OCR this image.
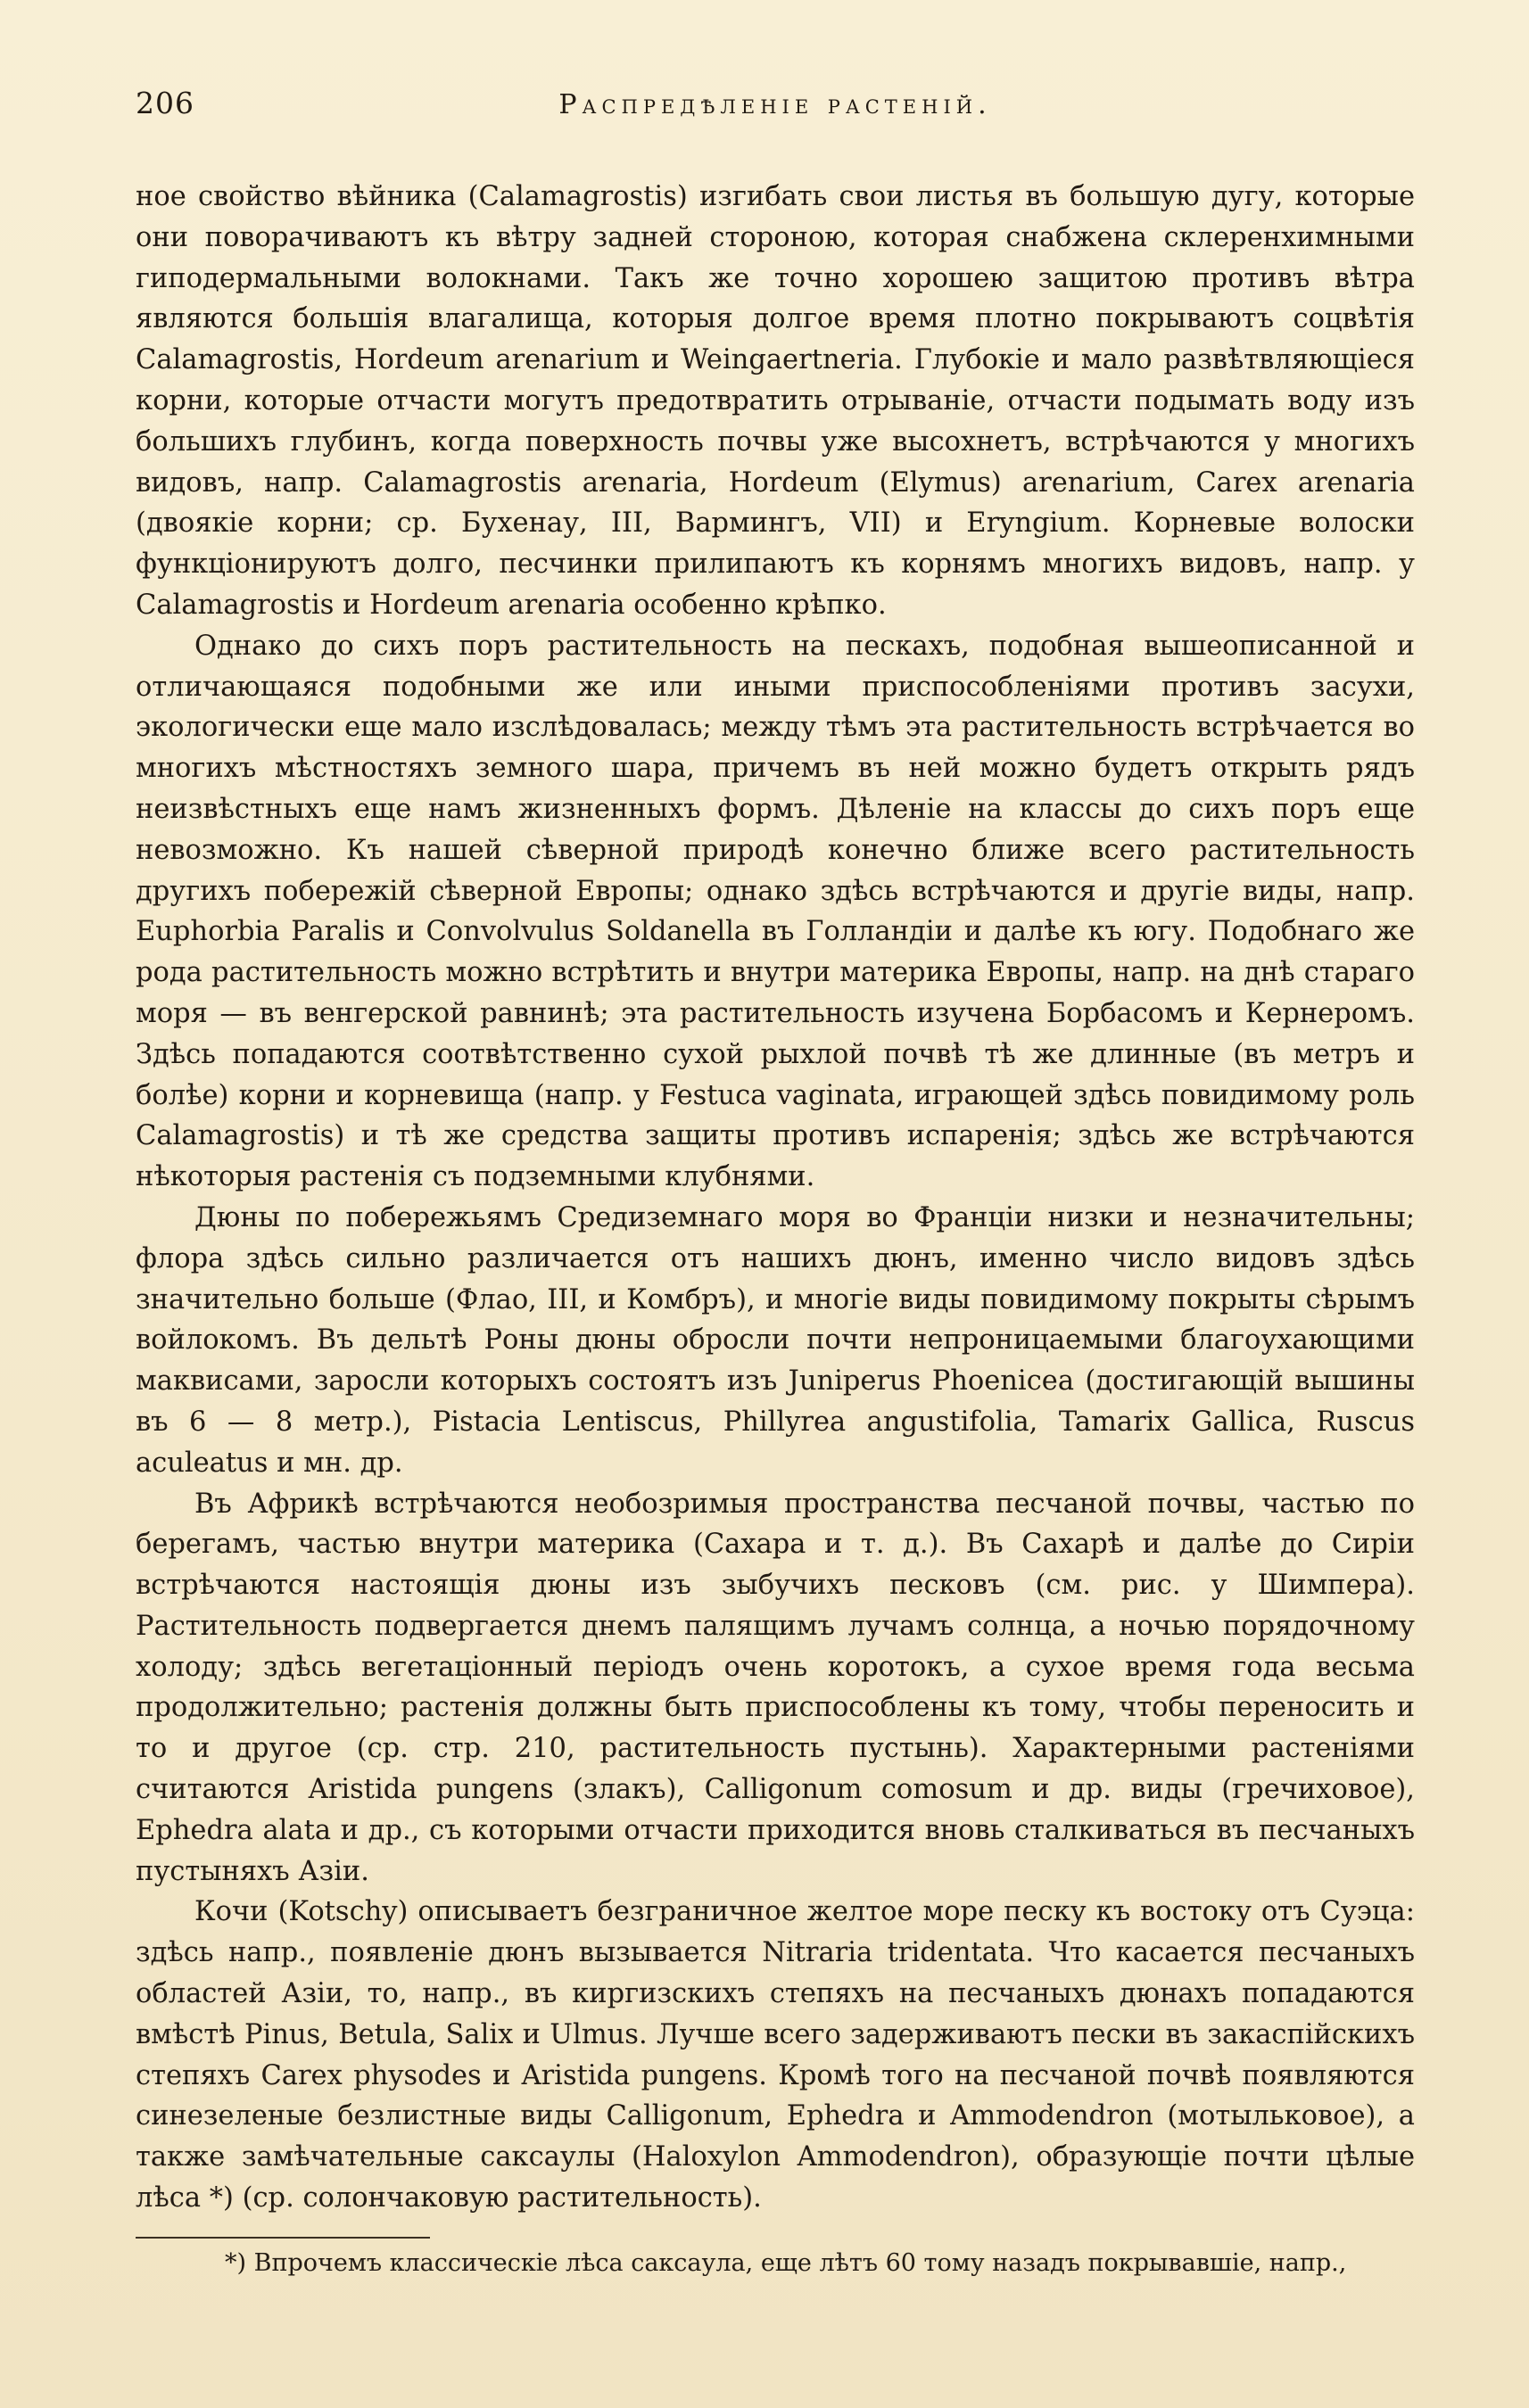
206	Распредѣленіе растеній.

ное свойство вѣйника (Calamagrostis) изгибать свои листья въ большую дугу, которые они поворачиваютъ къ вѣтру задней стороною, которая снабжена склеренхимными гиподермальными волокнами. Такъ же точно хорошею защитою противъ вѣтра являются большія влагалища, которыя долгое время плотно покрываютъ соцвѣтія Calamagrostis, Hordeum arenarium и Weingaertneria. Глубокіе и мало развѣтвляющіеся корни, которые отчасти могутъ предотвратить отрываніе, отчасти подымать воду изъ большихъ глубинъ, когда поверхность почвы уже высохнетъ, встрѣчаются у многихъ видовъ, напр. Calamagrostis arenaria, Hordeum (Elymus) arenarium, Carex arenaria (двоякіе корни; ср. Бухенау, III, Вармингъ, VII) и Eryngium. Корневые волоски функціонируютъ долго, песчинки прилипаютъ къ корнямъ многихъ видовъ, напр. у Calamagrostis и Hordeum arenaria особенно крѣпко.

Однако до сихъ поръ растительность на пескахъ, подобная вышеописанной и отличающаяся подобными же или иными приспособленіями противъ засухи, экологически еще мало изслѣдовалась; между тѣмъ эта растительность встрѣчается во многихъ мѣстностяхъ земного шара, причемъ въ ней можно будетъ открыть рядъ неизвѣстныхъ еще намъ жизненныхъ формъ. Дѣленіе на классы до сихъ поръ еще невозможно. Къ нашей сѣверной природѣ конечно ближе всего растительность другихъ побережій сѣверной Европы; однако здѣсь встрѣчаются и другіе виды, напр. Euphorbia Paralis и Convolvulus Soldanella въ Голландіи и далѣе къ югу. Подобнаго же рода растительность можно встрѣтить и внутри материка Европы, напр. на днѣ стараго моря — въ венгерской равнинѣ; эта растительность изучена Борбасомъ и Кернеромъ. Здѣсь попадаются соотвѣтственно сухой рыхлой почвѣ тѣ же длинные (въ метръ и болѣе) корни и корневища (напр. у Festuca vaginata, играющей здѣсь повидимому роль Calamagrostis) и тѣ же средства защиты противъ испаренія; здѣсь же встрѣчаются нѣкоторыя растенія съ подземными клубнями.

Дюны по побережьямъ Средиземнаго моря во Франціи низки и незначительны; флора здѣсь сильно различается отъ нашихъ дюнъ, именно число видовъ здѣсь значительно больше (Флао, III, и Комбръ), и многіе виды повидимому покрыты сѣрымъ войлокомъ. Въ дельтѣ Роны дюны обросли почти непроницаемыми благоухающими маквисами, заросли которыхъ состоятъ изъ Juniperus Phoenicea (достигающій вышины въ 6 — 8 метр.), Pistacia Lentiscus, Phillyrea angustifolia, Tamarix Gallica, Ruscus aculeatus и мн. др.

Въ Африкѣ встрѣчаются необозримыя пространства песчаной почвы, частью по берегамъ, частью внутри материка (Сахара и т. д.). Въ Сахарѣ и далѣе до Сиріи встрѣчаются настоящія дюны изъ зыбучихъ песковъ (см. рис. у Шимпера). Растительность подвергается днемъ палящимъ лучамъ солнца, а ночью порядочному холоду; здѣсь вегетаціонный періодъ очень коротокъ, а сухое время года весьма продолжительно; растенія должны быть приспособлены къ тому, чтобы переносить и то и другое (ср. стр. 210, растительность пустынь). Характерными растеніями считаются Aristida pungens (злакъ), Calligonum comosum и др. виды (гречиховое), Ephedra alata и др., съ которыми отчасти приходится вновь сталкиваться въ песчаныхъ пустыняхъ Азіи.

Кочи (Kotschy) описываетъ безграничное желтое море песку къ востоку отъ Суэца: здѣсь напр., появленіе дюнъ вызывается Nitraria tridentata. Что касается песчаныхъ областей Азіи, то, напр., въ киргизскихъ степяхъ на песчаныхъ дюнахъ попадаются вмѣстѣ Pinus, Betula, Salix и Ulmus. Лучше всего задерживаютъ пески въ закаспійскихъ степяхъ Carex physodes и Aristida pungens. Кромѣ того на песчаной почвѣ появляются синезеленые безлистные виды Calligonum, Ephedra и Ammodendron (мотыльковое), а также замѣчательные саксаулы (Haloxylon Ammodendron), образующіе почти цѣлые лѣса *) (ср. солончаковую растительность).

*) Впрочемъ классическіе лѣса саксаула, еще лѣтъ 60 тому назадъ покрывавшіе, напр.,
